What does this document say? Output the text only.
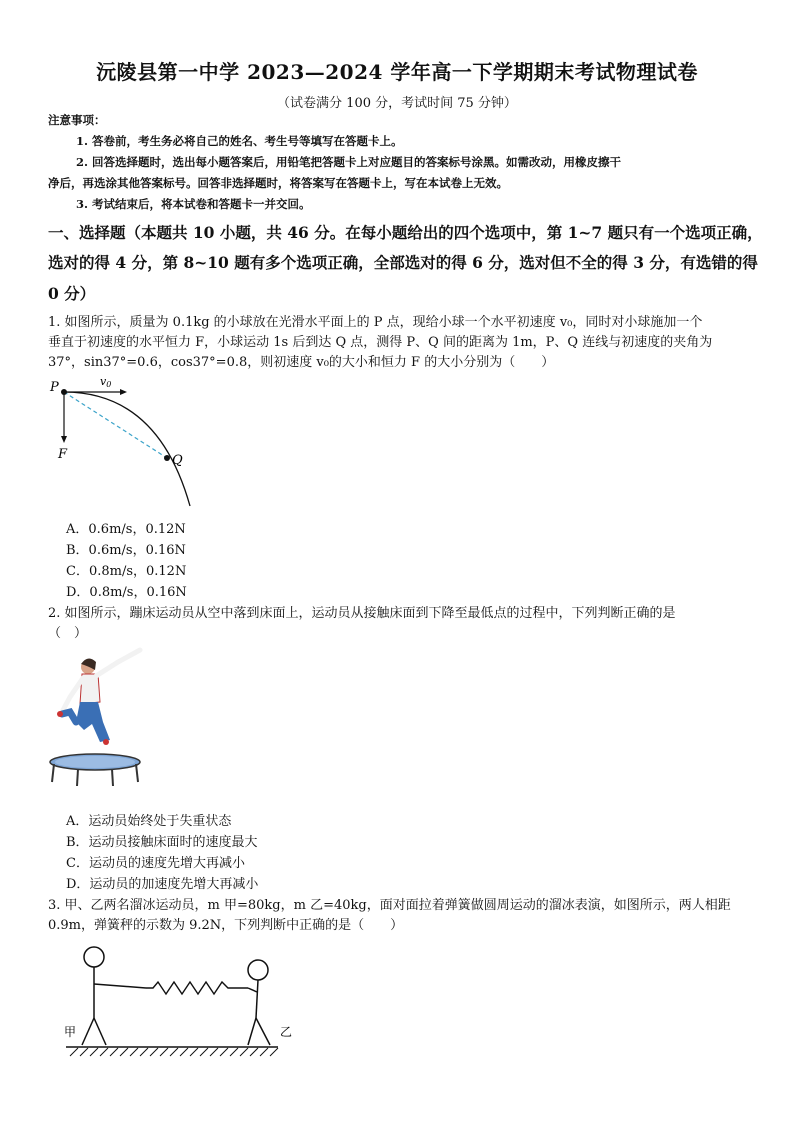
沅陵县第一中学 2023—2024 学年高一下学期期末考试物理试卷
（试卷满分 100 分，考试时间 75 分钟）
注意事项：
1. 答卷前，考生务必将自己的姓名、考生号等填写在答题卡上。
2. 回答选择题时，选出每小题答案后，用铅笔把答题卡上对应题目的答案标号涂黑。如需改动，用橡皮擦干
净后，再选涂其他答案标号。回答非选择题时，将答案写在答题卡上，写在本试卷上无效。
3. 考试结束后，将本试卷和答题卡一并交回。
一、选择题（本题共 10 小题，共 46 分。在每小题给出的四个选项中，第 1~7 题只有一个选项正确，
选对的得 4 分，第 8~10 题有多个选项正确，全部选对的得 6 分，选对但不全的得 3 分，有选错的得
0 分）
1. 如图所示，质量为 0.1kg 的小球放在光滑水平面上的 P 点，现给小球一个水平初速度 v₀，同时对小球施加一个
垂直于初速度的水平恒力 F，小球运动 1s 后到达 Q 点，测得 P、Q 间的距离为 1m，P、Q 连线与初速度的夹角为
37°，sin37°=0.6，cos37°=0.8，则初速度 v₀的大小和恒力 F 的大小分别为（　　）
P
Q
v0
F
A．0.6m/s，0.12N
B．0.6m/s，0.16N
C．0.8m/s，0.12N
D．0.8m/s，0.16N
2. 如图所示，蹦床运动员从空中落到床面上，运动员从接触床面到下降至最低点的过程中，下列判断正确的是
（　）
A．运动员始终处于失重状态
B．运动员接触床面时的速度最大
C．运动员的速度先增大再减小
D．运动员的加速度先增大再减小
3. 甲、乙两名溜冰运动员，m 甲=80kg，m 乙=40kg，面对面拉着弹簧做圆周运动的溜冰表演，如图所示，两人相距
0.9m，弹簧秤的示数为 9.2N，下列判断中正确的是（　　）
甲	乙
